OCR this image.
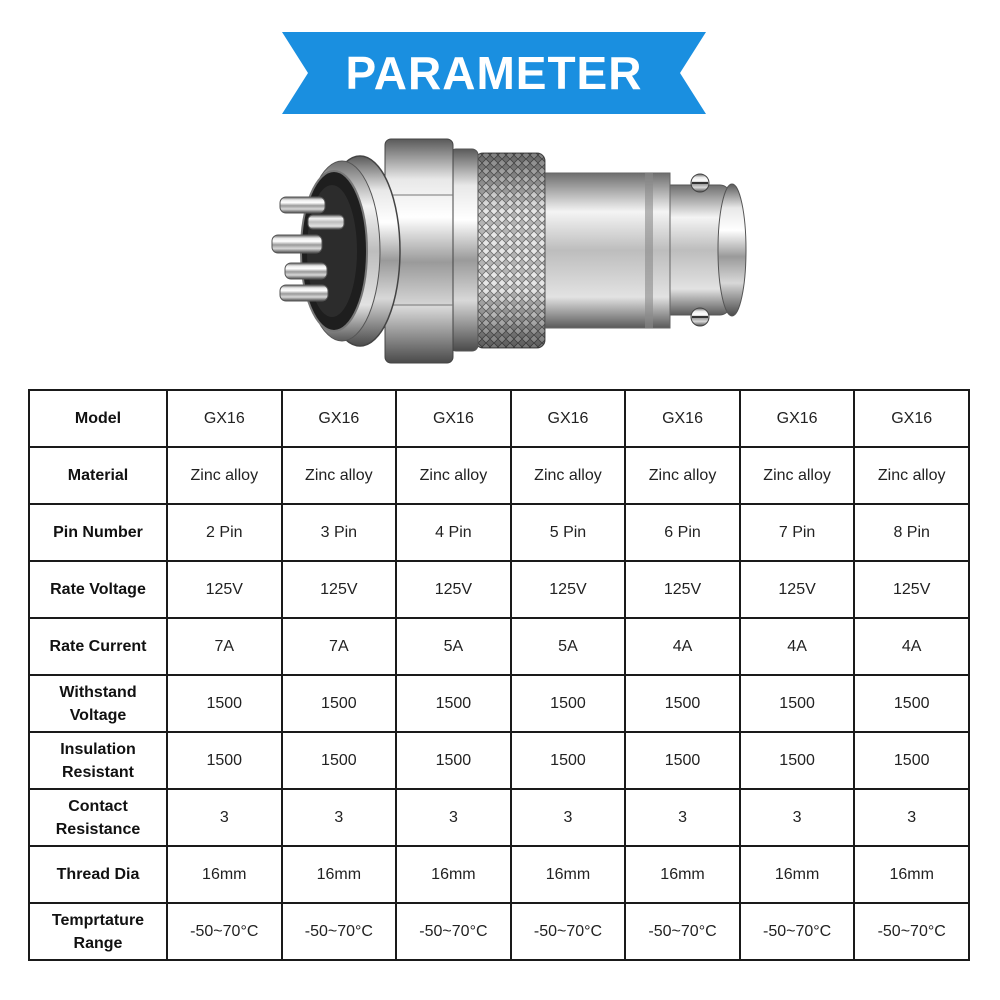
PARAMETER
Model	GX16	GX16	GX16	GX16	GX16	GX16	GX16
Material	Zinc alloy	Zinc alloy	Zinc alloy	Zinc alloy	Zinc alloy	Zinc alloy	Zinc alloy
Pin Number	2 Pin	3 Pin	4 Pin	5 Pin	6 Pin	7 Pin	8 Pin
Rate Voltage	125V	125V	125V	125V	125V	125V	125V
Rate Current	7A	7A	5A	5A	4A	4A	4A
Withstand Voltage	1500	1500	1500	1500	1500	1500	1500
Insulation Resistant	1500	1500	1500	1500	1500	1500	1500
Contact Resistance	3	3	3	3	3	3	3
Thread Dia	16mm	16mm	16mm	16mm	16mm	16mm	16mm
Temprtature Range	-50~70°C	-50~70°C	-50~70°C	-50~70°C	-50~70°C	-50~70°C	-50~70°C
